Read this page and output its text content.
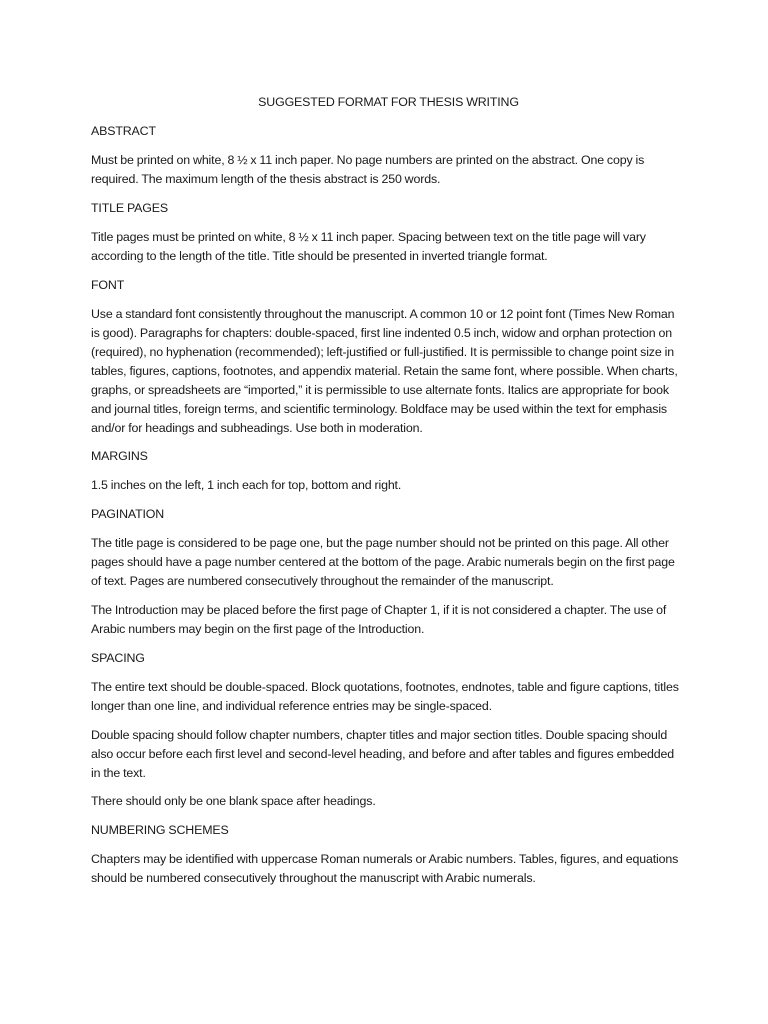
SUGGESTED FORMAT FOR THESIS WRITING
ABSTRACT

Must be printed on white, 8 ½ x 11 inch paper. No page numbers are printed on the abstract. One copy is required. The maximum length of the thesis abstract is 250 words.

TITLE PAGES

Title pages must be printed on white, 8 ½ x 11 inch paper. Spacing between text on the title page will vary according to the length of the title. Title should be presented in inverted triangle format.

FONT

Use a standard font consistently throughout the manuscript. A common 10 or 12 point font (Times New Roman is good). Paragraphs for chapters: double-spaced, first line indented 0.5 inch, widow and orphan protection on (required), no hyphenation (recommended); left-justified or full-justified. It is permissible to change point size in tables, figures, captions, footnotes, and appendix material. Retain the same font, where possible. When charts, graphs, or spreadsheets are “imported,” it is permissible to use alternate fonts. Italics are appropriate for book and journal titles, foreign terms, and scientific terminology. Boldface may be used within the text for emphasis and/or for headings and subheadings. Use both in moderation.

MARGINS

1.5 inches on the left, 1 inch each for top, bottom and right.

PAGINATION

The title page is considered to be page one, but the page number should not be printed on this page. All other pages should have a page number centered at the bottom of the page. Arabic numerals begin on the first page of text. Pages are numbered consecutively throughout the remainder of the manuscript.

The Introduction may be placed before the first page of Chapter 1, if it is not considered a chapter. The use of Arabic numbers may begin on the first page of the Introduction.

SPACING

The entire text should be double-spaced. Block quotations, footnotes, endnotes, table and figure captions, titles longer than one line, and individual reference entries may be single-spaced.

Double spacing should follow chapter numbers, chapter titles and major section titles. Double spacing should also occur before each first level and second-level heading, and before and after tables and figures embedded in the text.

There should only be one blank space after headings.

NUMBERING SCHEMES

Chapters may be identified with uppercase Roman numerals or Arabic numbers. Tables, figures, and equations should be numbered consecutively throughout the manuscript with Arabic numerals.
